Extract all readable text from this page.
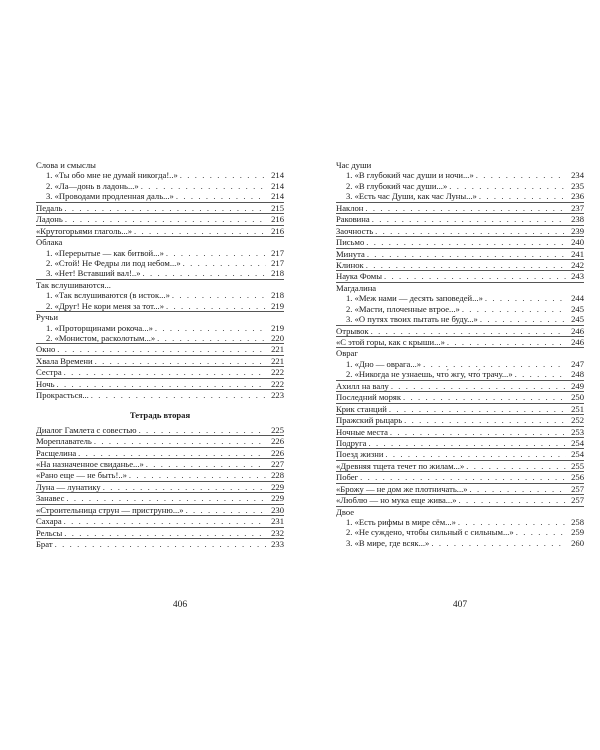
Слова и смыслы
1. «Ты обо мне не думай никогда!..» . . .	214
2. «Ла—донь в ладонь...» . . .	214
3. «Проводами продленная даль...» . . .	214
Педаль . . .	215
Ладонь . . .	216
«Крутогорьями глаголь...» . . .	216
Облака
1. «Перерытые — как битвой...» . . .	217
2. «Стой! Не Федры ли под небом...» . . .	217
3. «Нет! Вставший вал!..» . . .	218
Так вслушиваются...
1. «Так вслушиваются (в исток...» . . .	218
2. «Друг! Не кори меня за тот...» . . .	219
Ручьи
1. «Проторщинами рокоча...» . . .	219
2. «Монистом, расколотым...» . . .	220
Окно . . .	221
Хвала Времени . . .	221
Сестра . . .	222
Ночь . . .	222
Прокрасться... . . .	223
Тетрадь вторая
Диалог Гамлета с совестью . . .	225
Мореплаватель . . .	226
Расщелина . . .	226
«На назначенное свиданье...» . . .	227
«Рано еще — не быть!..» . . .	228
Луна — лунатику . . .	229
Занавес . . .	229
«Строительница струн — приструню...» . . .	230
Сахара . . .	231
Рельсы . . .	232
Брат . . .	233
Час души
1. «В глубокий час души и ночи...» . . .	234
2. «В глубокий час души...» . . .	235
3. «Есть час Души, как час Луны...» . . .	236
Наклон . . .	237
Раковина . . .	238
Заочность . . .	239
Письмо . . .	240
Минута . . .	241
Клинок . . .	242
Наука Фомы . . .	243
Магдалина
1. «Меж нами — десять заповедей...» . . .	244
2. «Масти, плоченные втрое...» . . .	245
3. «О путях твоих пытать не буду...» . . .	245
Отрывок . . .	246
«С этой горы, как с крыши...» . . .	246
Овраг
1. «Дно — оврага...» . . .	247
2. «Никогда не узнаешь, что́ жгу, что́ трачу...» . . .	248
Ахилл на валу . . .	249
Последний моряк . . .	250
Крик станций . . .	251
Пражский рыцарь . . .	252
Ночные места . . .	253
Подруга . . .	254
Поезд жизни . . .	254
«Древняя тщета течет по жилам...» . . .	255
Побег . . .	256
«Брожу — не дом же плотничать...» . . .	257
«Люблю — но мука еще жива...» . . .	257
Двое
1. «Есть рифмы в мире сём...» . . .	258
2. «Не суждено, чтобы сильный с сильным...» . . .	259
3. «В мире, где всяк...» . . .	260
406	407
